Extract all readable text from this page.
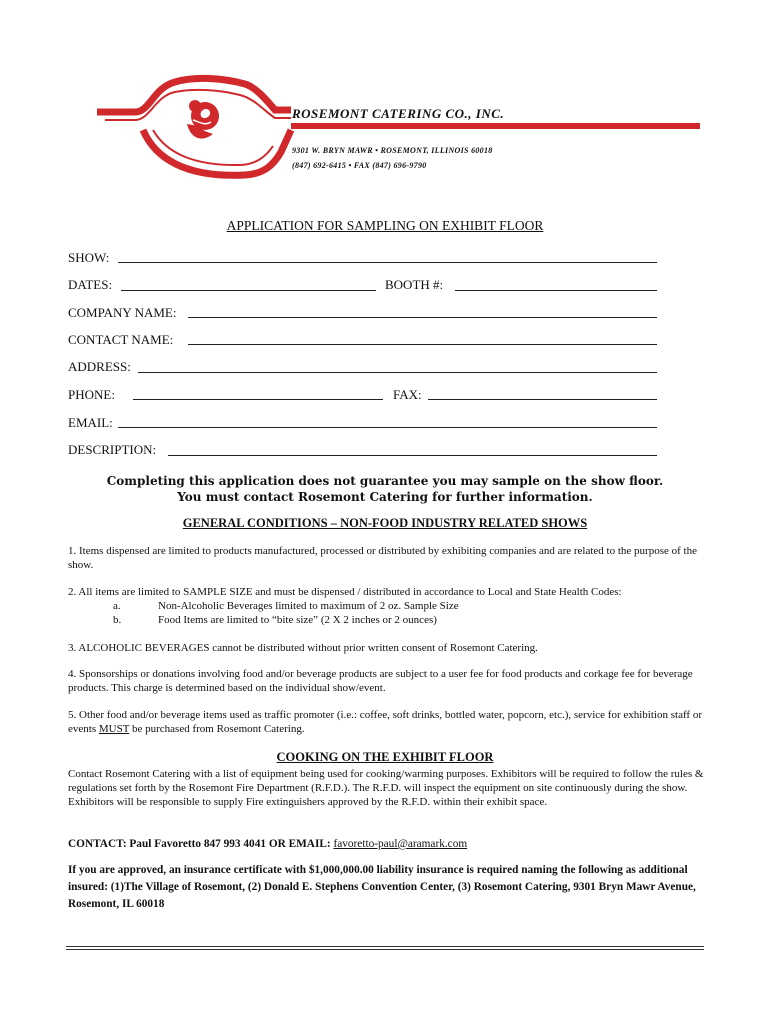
ROSEMONT CATERING CO., INC.
9301 W. BRYN MAWR • ROSEMONT, ILLINOIS 60018
(847) 692-6415 • FAX (847) 696-9790
APPLICATION FOR SAMPLING ON EXHIBIT FLOOR
SHOW:
DATES:	BOOTH #:
COMPANY NAME:
CONTACT NAME:
ADDRESS:
PHONE:	FAX:
EMAIL:
DESCRIPTION:
Completing this application does not guarantee you may sample on the show floor.
You must contact Rosemont Catering for further information.
GENERAL CONDITIONS – NON-FOOD INDUSTRY RELATED SHOWS
1. Items dispensed are limited to products manufactured, processed or distributed by exhibiting companies and are related to the purpose of the show.
2. All items are limited to SAMPLE SIZE and must be dispensed / distributed in accordance to Local and State Health Codes:
a.	Non-Alcoholic Beverages limited to maximum of 2 oz. Sample Size
b.	Food Items are limited to “bite size” (2 X 2 inches or 2 ounces)
3. ALCOHOLIC BEVERAGES cannot be distributed without prior written consent of Rosemont Catering.
4. Sponsorships or donations involving food and/or beverage products are subject to a user fee for food products and corkage fee for beverage products. This charge is determined based on the individual show/event.
5. Other food and/or beverage items used as traffic promoter (i.e.: coffee, soft drinks, bottled water, popcorn, etc.), service for exhibition staff or events MUST be purchased from Rosemont Catering.
COOKING ON THE EXHIBIT FLOOR
Contact Rosemont Catering with a list of equipment being used for cooking/warming purposes. Exhibitors will be required to follow the rules & regulations set forth by the Rosemont Fire Department (R.F.D.). The R.F.D. will inspect the equipment on site continuously during the show. Exhibitors will be responsible to supply Fire extinguishers approved by the R.F.D. within their exhibit space.
CONTACT: Paul Favoretto 847 993 4041 OR EMAIL: favoretto-paul@aramark.com
If you are approved, an insurance certificate with $1,000,000.00 liability insurance is required naming the following as additional insured: (1)The Village of Rosemont, (2) Donald E. Stephens Convention Center, (3) Rosemont Catering, 9301 Bryn Mawr Avenue, Rosemont, IL 60018
